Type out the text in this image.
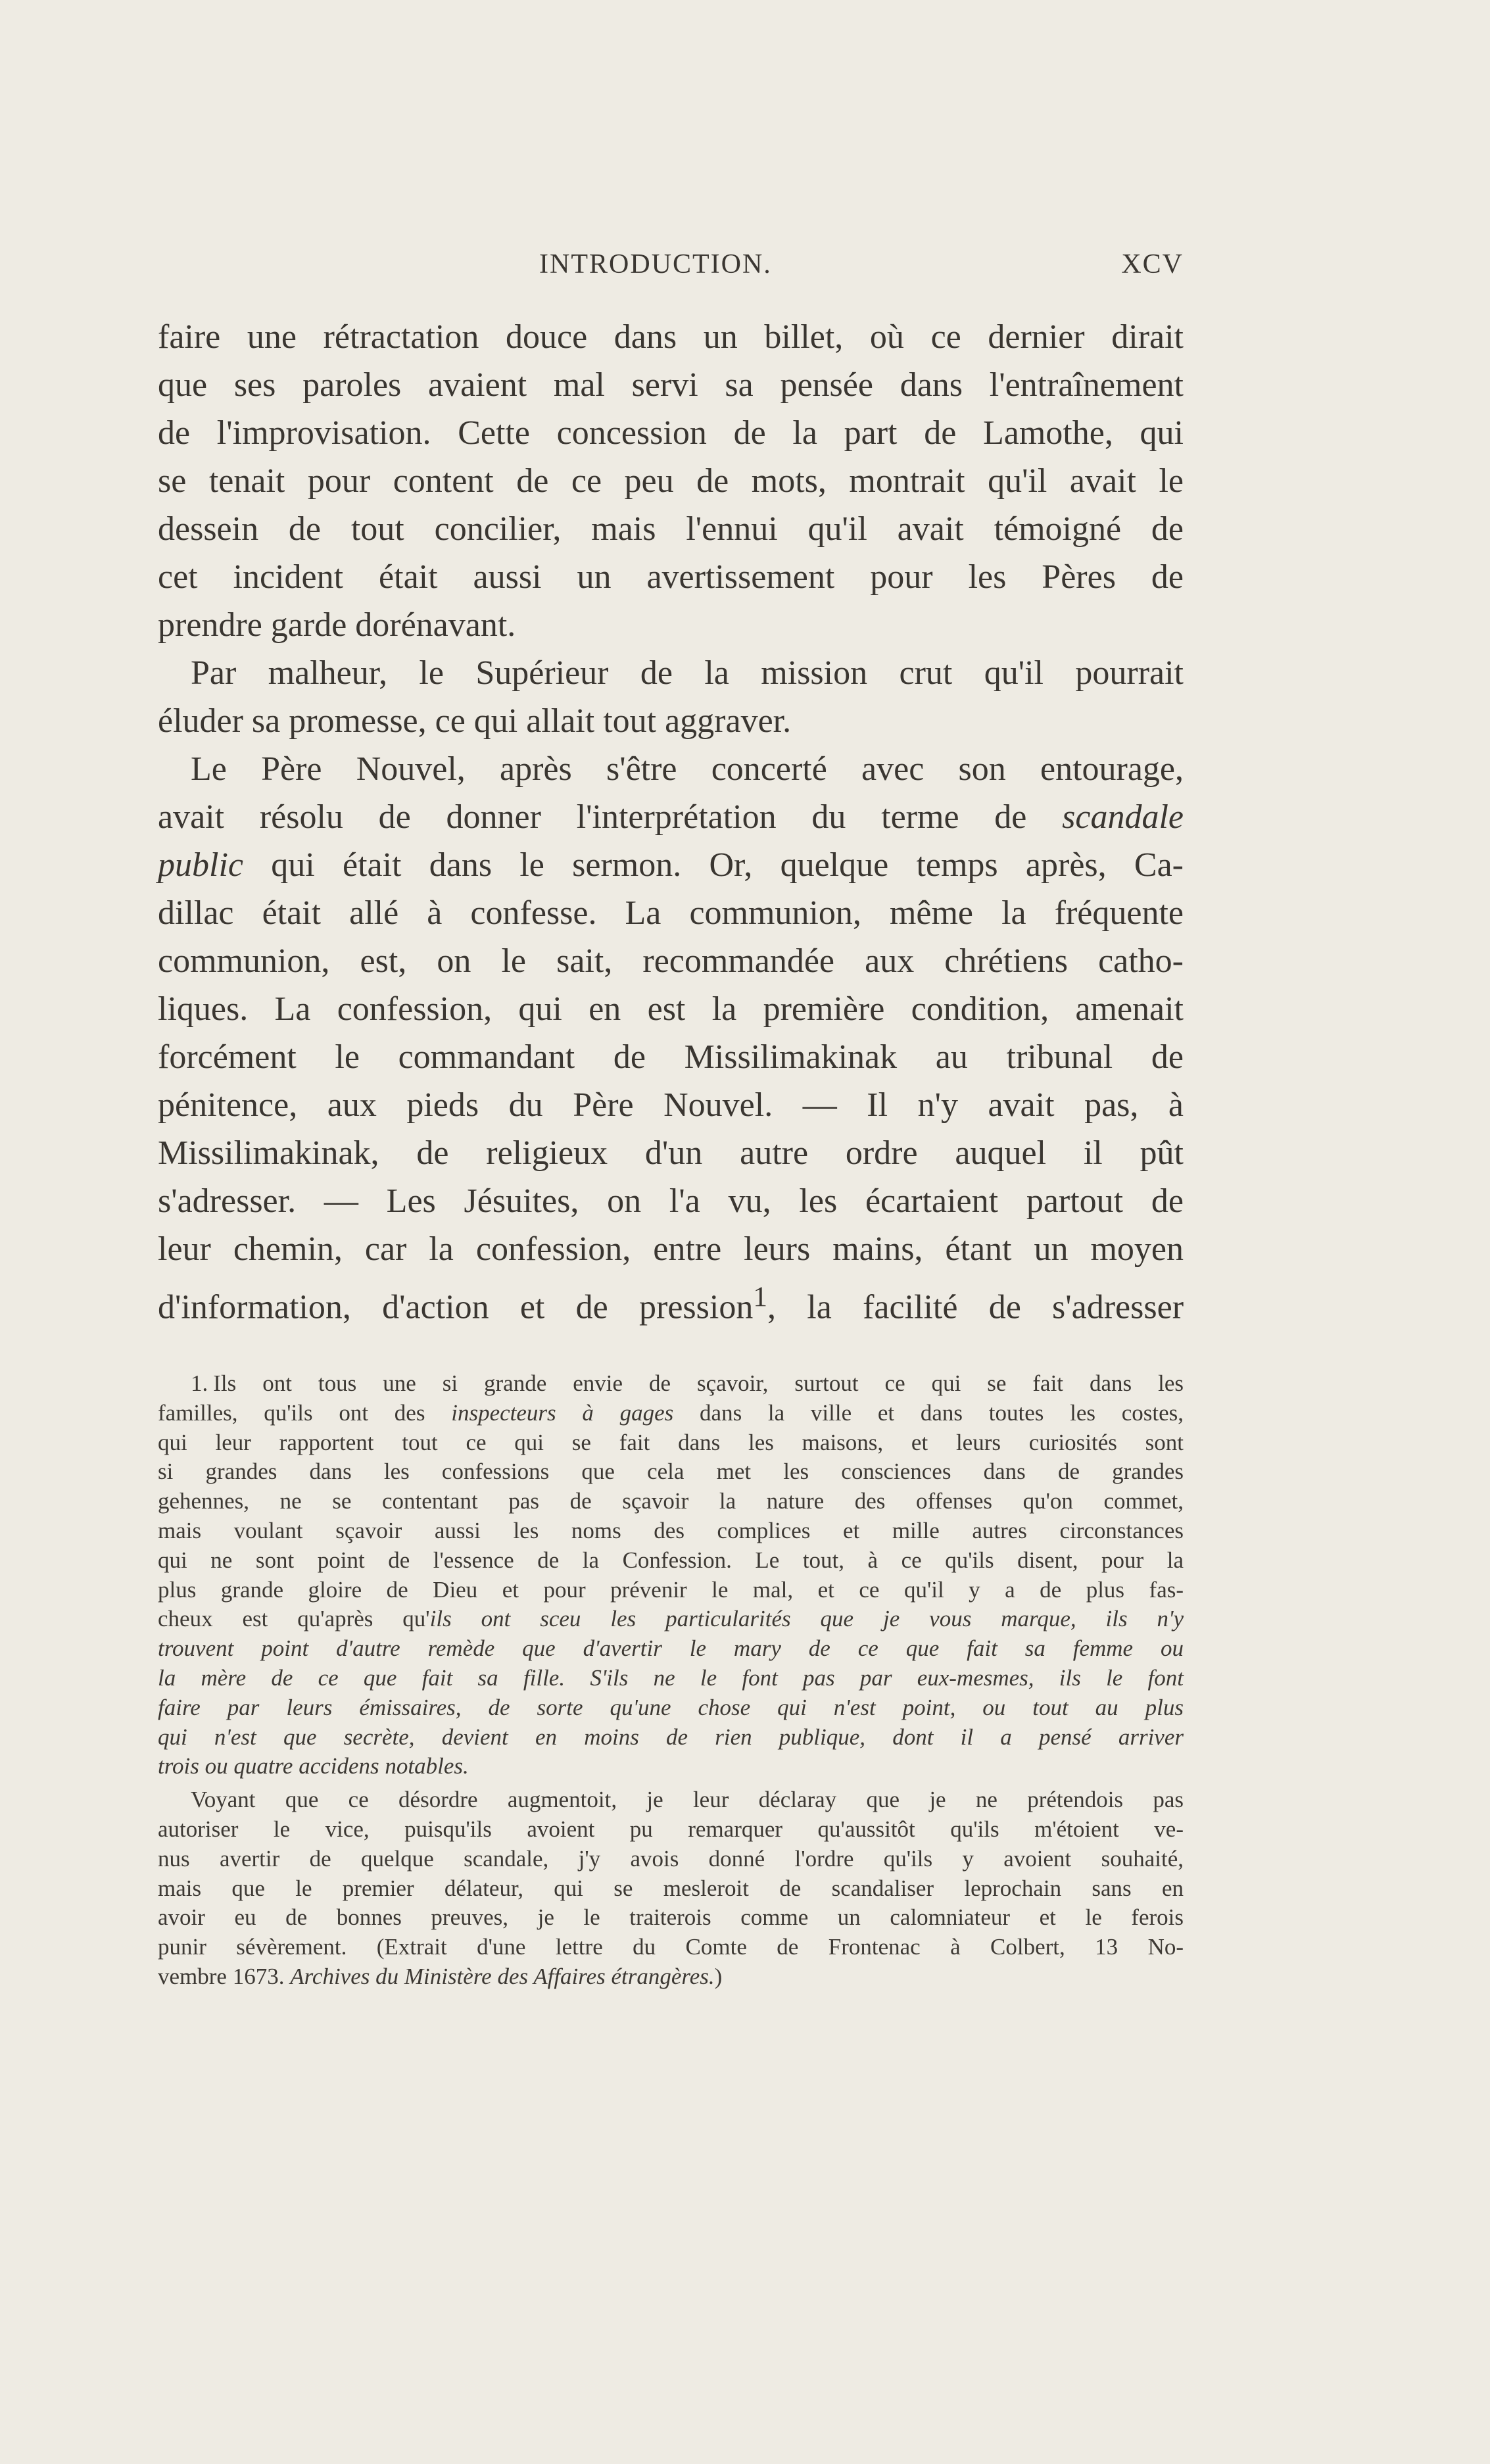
INTRODUCTION.	XCV
faire une rétractation douce dans un billet, où ce dernier dirait
que ses paroles avaient mal servi sa pensée dans l'entraînement
de l'improvisation. Cette concession de la part de Lamothe, qui
se tenait pour content de ce peu de mots, montrait qu'il avait le
dessein de tout concilier, mais l'ennui qu'il avait témoigné de
cet incident était aussi un avertissement pour les Pères de
prendre garde dorénavant.
Par malheur, le Supérieur de la mission crut qu'il pourrait
éluder sa promesse, ce qui allait tout aggraver.
Le Père Nouvel, après s'être concerté avec son entourage,
avait résolu de donner l'interprétation du terme de scandale
public qui était dans le sermon. Or, quelque temps après, Ca-
dillac était allé à confesse. La communion, même la fréquente
communion, est, on le sait, recommandée aux chrétiens catho-
liques. La confession, qui en est la première condition, amenait
forcément le commandant de Missilimakinak au tribunal de
pénitence, aux pieds du Père Nouvel. — Il n'y avait pas, à
Missilimakinak, de religieux d'un autre ordre auquel il pût
s'adresser. — Les Jésuites, on l'a vu, les écartaient partout de
leur chemin, car la confession, entre leurs mains, étant un moyen
d'information, d'action et de pression$^1$, la facilité de s'adresser
1. Ils ont tous une si grande envie de sçavoir, surtout ce qui se fait dans les
familles, qu'ils ont des inspecteurs à gages dans la ville et dans toutes les costes,
qui leur rapportent tout ce qui se fait dans les maisons, et leurs curiosités sont
si grandes dans les confessions que cela met les consciences dans de grandes
gehennes, ne se contentant pas de sçavoir la nature des offenses qu'on commet,
mais voulant sçavoir aussi les noms des complices et mille autres circonstances
qui ne sont point de l'essence de la Confession. Le tout, à ce qu'ils disent, pour la
plus grande gloire de Dieu et pour prévenir le mal, et ce qu'il y a de plus fas-
cheux est qu'après qu'ils ont sceu les particularités que je vous marque, ils n'y
trouvent point d'autre remède que d'avertir le mary de ce que fait sa femme ou
la mère de ce que fait sa fille. S'ils ne le font pas par eux-mesmes, ils le font
faire par leurs émissaires, de sorte qu'une chose qui n'est point, ou tout au plus
qui n'est que secrète, devient en moins de rien publique, dont il a pensé arriver
trois ou quatre accidens notables.
Voyant que ce désordre augmentoit, je leur déclaray que je ne prétendois pas
autoriser le vice, puisqu'ils avoient pu remarquer qu'aussitôt qu'ils m'étoient ve-
nus avertir de quelque scandale, j'y avois donné l'ordre qu'ils y avoient souhaité,
mais que le premier délateur, qui se mesleroit de scandaliser leprochain sans en
avoir eu de bonnes preuves, je le traiterois comme un calomniateur et le ferois
punir sévèrement. (Extrait d'une lettre du Comte de Frontenac à Colbert, 13 No-
vembre 1673. Archives du Ministère des Affaires étrangères.)
